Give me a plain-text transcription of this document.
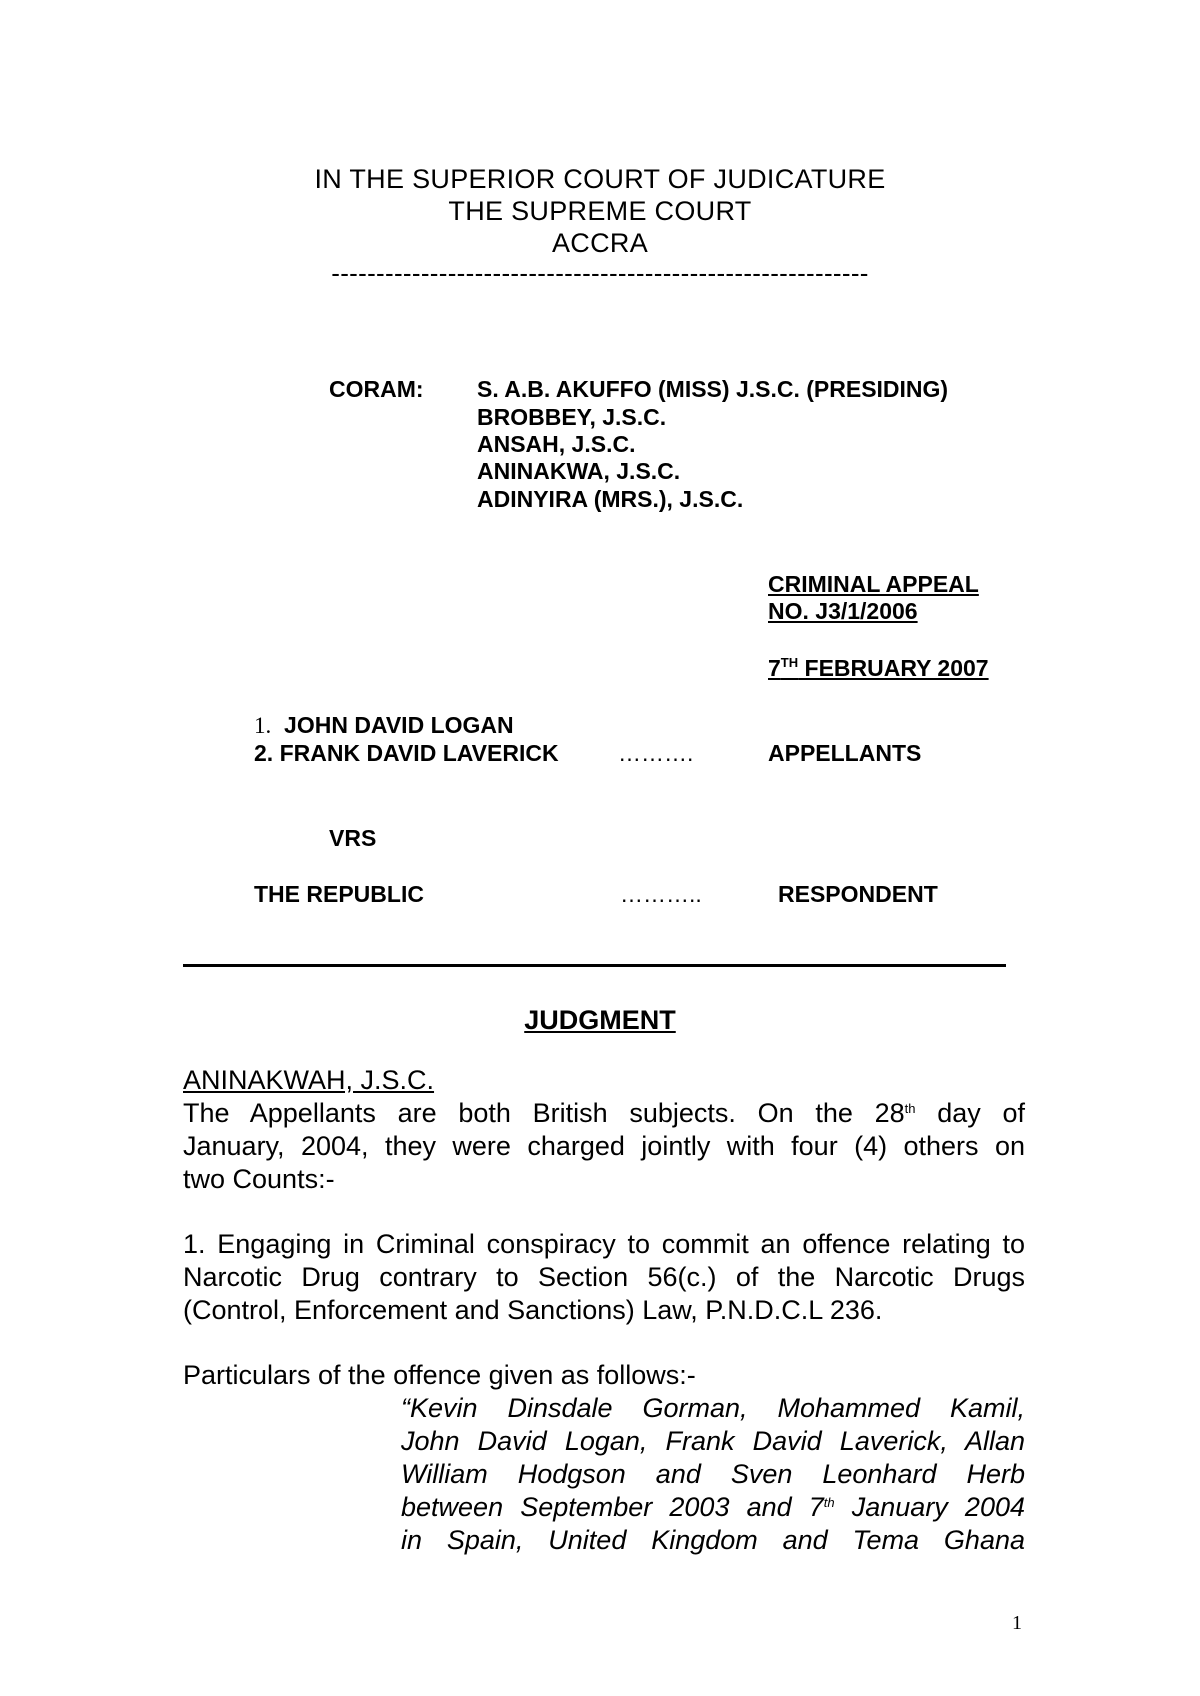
IN THE SUPERIOR COURT OF JUDICATURE
THE SUPREME COURT
ACCRA
------------------------------------------------------------
CORAM: S. A.B. AKUFFO (MISS) J.S.C. (PRESIDING)
BROBBEY, J.S.C.
ANSAH, J.S.C.
ANINAKWA, J.S.C.
ADINYIRA (MRS.), J.S.C.
CRIMINAL APPEAL
NO. J3/1/2006
7TH FEBRUARY 2007
1. JOHN DAVID LOGAN
2. FRANK DAVID LAVERICK	……….	APPELLANTS
VRS
THE REPUBLIC	………..	RESPONDENT
JUDGMENT
ANINAKWAH, J.S.C.
The Appellants are both British subjects. On the 28th day of
January, 2004, they were charged jointly with four (4) others on
two Counts:-
1. Engaging in Criminal conspiracy to commit an offence relating to
Narcotic Drug contrary to Section 56(c.) of the Narcotic Drugs
(Control, Enforcement and Sanctions) Law, P.N.D.C.L 236.
Particulars of the offence given as follows:-
“Kevin Dinsdale Gorman, Mohammed Kamil,
John David Logan, Frank David Laverick, Allan
William Hodgson and Sven Leonhard Herb
between September 2003 and 7th January 2004
in Spain, United Kingdom and Tema Ghana
1
